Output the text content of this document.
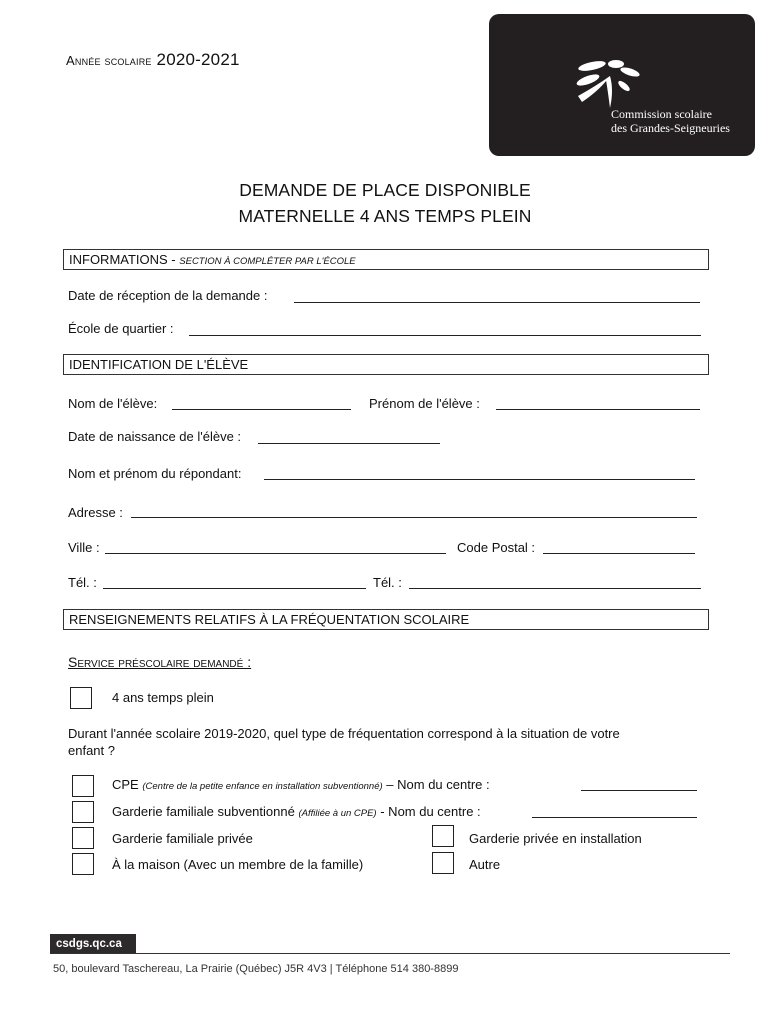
Année scolaire 2020-2021
Commission scolaire
des Grandes-Seigneuries
DEMANDE DE PLACE DISPONIBLE
MATERNELLE 4 ANS TEMPS PLEIN
INFORMATIONS - SECTION À COMPLÉTER PAR L'ÉCOLE
Date de réception de la demande :
École de quartier :
IDENTIFICATION DE L'ÉLÈVE
Nom de l'élève:	Prénom de l'élève :
Date de naissance de l'élève :
Nom et prénom du répondant:
Adresse :
Ville :	Code Postal :
Tél. :	Tél. :
RENSEIGNEMENTS RELATIFS À LA FRÉQUENTATION SCOLAIRE
Service préscolaire demandé :
4 ans temps plein
Durant l'année scolaire 2019-2020, quel type de fréquentation correspond à la situation de votre
enfant ?
CPE (Centre de la petite enfance en installation subventionné) – Nom du centre :
Garderie familiale subventionné (Affiliée à un CPE) - Nom du centre :
Garderie familiale privée	Garderie privée en installation
À la maison (Avec un membre de la famille)	Autre
csdgs.qc.ca
50, boulevard Taschereau, La Prairie (Québec) J5R 4V3 | Téléphone 514 380-8899
